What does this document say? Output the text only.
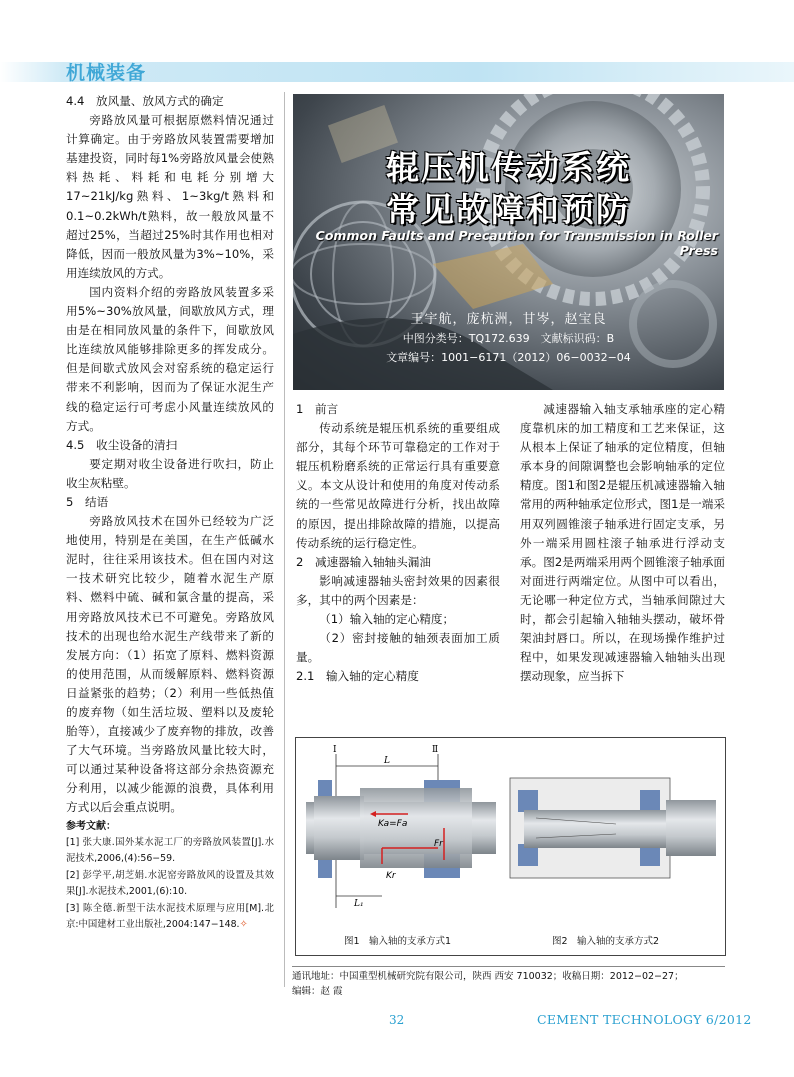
机械装备
4.4　放风量、放风方式的确定

旁路放风量可根据原燃料情况通过计算确定。由于旁路放风装置需要增加基建投资，同时每1%旁路放风量会使熟料热耗、料耗和电耗分别增大17~21kJ/kg熟料、1~3kg/t熟料和0.1~0.2kWh/t熟料，故一般放风量不超过25%，当超过25%时其作用也相对降低，因而一般放风量为3%~10%，采用连续放风的方式。

国内资料介绍的旁路放风装置多采用5%~30%放风量，间歇放风方式，理由是在相同放风量的条件下，间歇放风比连续放风能够排除更多的挥发成分。但是间歇式放风会对窑系统的稳定运行带来不利影响，因而为了保证水泥生产线的稳定运行可考虑小风量连续放风的方式。

4.5　收尘设备的清扫

要定期对收尘设备进行吹扫，防止收尘灰粘壁。

5　结语

旁路放风技术在国外已经较为广泛地使用，特别是在美国，在生产低碱水泥时，往往采用该技术。但在国内对这一技术研究比较少，随着水泥生产原料、燃料中硫、碱和氯含量的提高，采用旁路放风技术已不可避免。旁路放风技术的出现也给水泥生产线带来了新的发展方向：（1）拓宽了原料、燃料资源的使用范围，从而缓解原料、燃料资源日益紧张的趋势；（2）利用一些低热值的废弃物（如生活垃圾、塑料以及废轮胎等），直接减少了废弃物的排放，改善了大气环境。当旁路放风量比较大时，可以通过某种设备将这部分余热资源充分利用，以减少能源的浪费，具体利用方式以后会重点说明。

参考文献：

[1] 张大康.国外某水泥工厂的旁路放风装置[J].水泥技术,2006,(4):56−59.

[2] 彭学平,胡芝娟.水泥窑旁路放风的设置及其效果[J].水泥技术,2001,(6):10.

[3] 陈全德.新型干法水泥技术原理与应用[M].北京:中国建材工业出版社,2004:147−148.✧

辊压机传动系统
常见故障和预防
Common Faults and Precaution for Transmission in Roller Press
王宇航，庞杭洲，甘岑，赵宝良
中图分类号：TQ172.639　文献标识码：B
文章编号：1001−6171（2012）06−0032−04
1　前言

传动系统是辊压机系统的重要组成部分，其每个环节可靠稳定的工作对于辊压机粉磨系统的正常运行具有重要意义。本文从设计和使用的角度对传动系统的一些常见故障进行分析，找出故障的原因，提出排除故障的措施，以提高传动系统的运行稳定性。

2　减速器输入轴轴头漏油

影响减速器轴头密封效果的因素很多，其中的两个因素是：

（1）输入轴的定心精度；

（2）密封接触的轴颈表面加工质量。

2.1　输入轴的定心精度

减速器输入轴支承轴承座的定心精度靠机床的加工精度和工艺来保证，这从根本上保证了轴承的定位精度，但轴承本身的间隙调整也会影响轴承的定位精度。图1和图2是辊压机减速器输入轴常用的两种轴承定位形式，图1是一端采用双列圆锥滚子轴承进行固定支承，另外一端采用圆柱滚子轴承进行浮动支承。图2是两端采用两个圆锥滚子轴承面对面进行两端定位。从图中可以看出，无论哪一种定位方式，当轴承间隙过大时，都会引起输入轴轴头摆动，破坏骨架油封唇口。所以，在现场操作维护过程中，如果发现减速器输入轴轴头出现摆动现象，应当拆下

Ⅰ	Ⅱ
L
Ka=Fa
Fr
Kr
L₁
图1　输入轴的支承方式1	图2　输入轴的支承方式2
通讯地址：中国重型机械研究院有限公司，陕西 西安 710032；收稿日期：2012−02−27；
编辑：赵 霞
32	CEMENT TECHNOLOGY 6/2012
